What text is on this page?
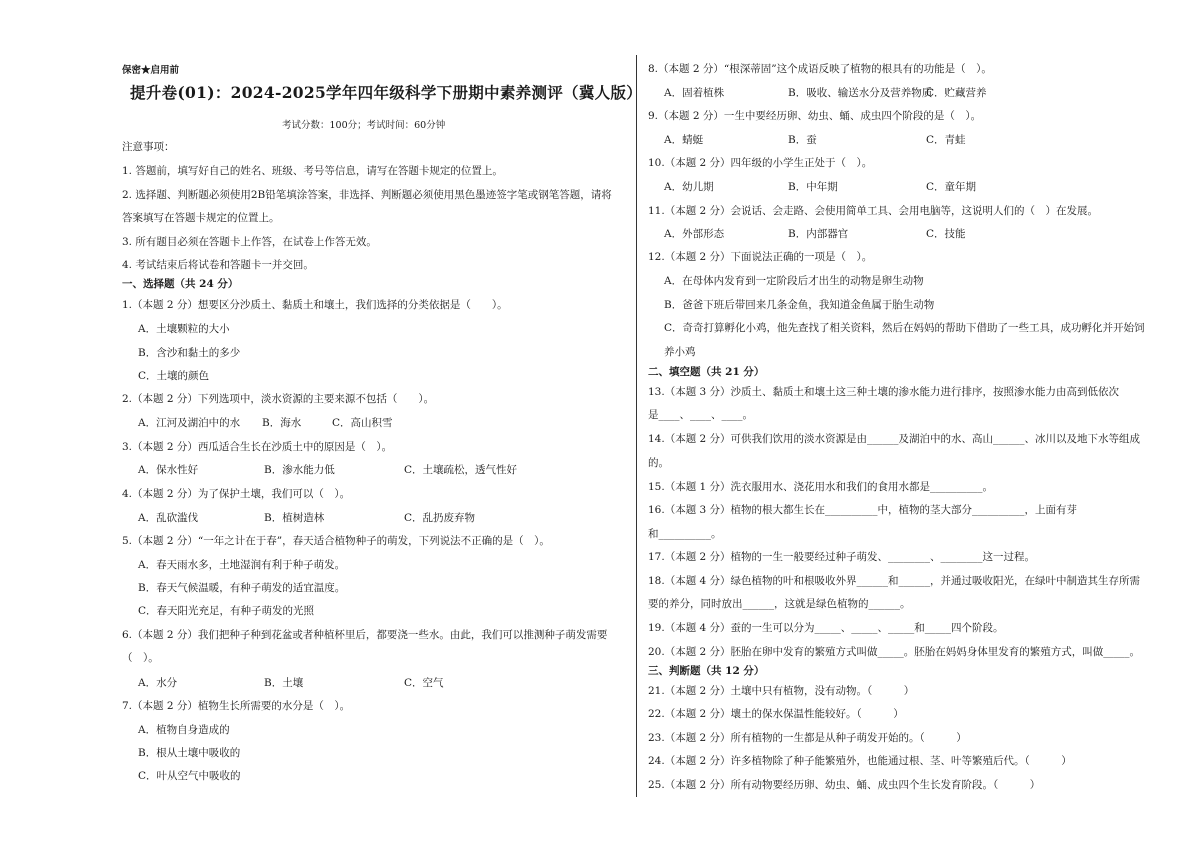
保密★启用前
提升卷(01)：2024-2025学年四年级科学下册期中素养测评（冀人版）
考试分数：100分；考试时间：60分钟
注意事项：
1. 答题前，填写好自己的姓名、班级、考号等信息，请写在答题卡规定的位置上。
2. 选择题、判断题必须使用2B铅笔填涂答案，非选择、判断题必须使用黑色墨迹签字笔或钢笔答题，请将
答案填写在答题卡规定的位置上。
3. 所有题目必须在答题卡上作答，在试卷上作答无效。
4. 考试结束后将试卷和答题卡一并交回。
一、选择题（共 24 分）
1.（本题 2 分）想要区分沙质土、黏质土和壤土，我们选择的分类依据是（　　）。
A．土壤颗粒的大小
B．含沙和黏土的多少
C．土壤的颜色
2.（本题 2 分）下列选项中，淡水资源的主要来源不包括（　　）。
A．江河及湖泊中的水 B．海水	C．高山积雪
3.（本题 2 分）西瓜适合生长在沙质土中的原因是（　）。
A．保水性好	B．渗水能力低	C．土壤疏松，透气性好
4.（本题 2 分）为了保护土壤，我们可以（　）。
A．乱砍滥伐	B．植树造林	C．乱扔废弃物
5.（本题 2 分）“一年之计在于春”，春天适合植物种子的萌发，下列说法不正确的是（　）。
A．春天雨水多，土地湿润有利于种子萌发。
B．春天气候温暖，有种子萌发的适宜温度。
C．春天阳光充足，有种子萌发的光照
6.（本题 2 分）我们把种子种到花盆或者种植杯里后，都要浇一些水。由此，我们可以推测种子萌发需要
（　）。
A．水分	B．土壤	C．空气
7.（本题 2 分）植物生长所需要的水分是（　）。
A．植物自身造成的
B．根从土壤中吸收的
C．叶从空气中吸收的
8.（本题 2 分）“根深蒂固”这个成语反映了植物的根具有的功能是（　）。
A．固着植株	B．吸收、输送水分及营养物质
C．贮藏营养
9.（本题 2 分）一生中要经历卵、幼虫、蛹、成虫四个阶段的是（　）。
A．蜻蜓	B．蚕	C．青蛙
10.（本题 2 分）四年级的小学生正处于（　）。
A．幼儿期	B．中年期	C．童年期
11.（本题 2 分）会说话、会走路、会使用简单工具、会用电脑等，这说明人们的（　）在发展。
A．外部形态	B．内部器官	C．技能
12.（本题 2 分）下面说法正确的一项是（　）。
A．在母体内发育到一定阶段后才出生的动物是卵生动物
B．爸爸下班后带回来几条金鱼，我知道金鱼属于胎生动物
C．奇奇打算孵化小鸡，他先查找了相关资料，然后在妈妈的帮助下借助了一些工具，成功孵化并开始饲
养小鸡
二、填空题（共 21 分）
13.（本题 3 分）沙质土、黏质土和壤土这三种土壤的渗水能力进行排序，按照渗水能力由高到低依次
是____、____、____。
14.（本题 2 分）可供我们饮用的淡水资源是由______及湖泊中的水、高山______、冰川以及地下水等组成
的。
15.（本题 1 分）洗衣服用水、浇花用水和我们的食用水都是__________。
16.（本题 3 分）植物的根大都生长在__________中，植物的茎大部分__________，上面有芽
和__________。
17.（本题 2 分）植物的一生一般要经过种子萌发、________、________这一过程。
18.（本题 4 分）绿色植物的叶和根吸收外界______和______，并通过吸收阳光，在绿叶中制造其生存所需
要的养分，同时放出______，这就是绿色植物的______。
19.（本题 4 分）蚕的一生可以分为_____、_____、_____和_____四个阶段。
20.（本题 2 分）胚胎在卵中发育的繁殖方式叫做_____。胚胎在妈妈身体里发育的繁殖方式，叫做_____。
三、判断题（共 12 分）
21.（本题 2 分）土壤中只有植物，没有动物。（　　　）
22.（本题 2 分）壤土的保水保温性能较好。（　　　）
23.（本题 2 分）所有植物的一生都是从种子萌发开始的。（　　　）
24.（本题 2 分）许多植物除了种子能繁殖外，也能通过根、茎、叶等繁殖后代。（　　　）
25.（本题 2 分）所有动物要经历卵、幼虫、蛹、成虫四个生长发育阶段。（　　　）
